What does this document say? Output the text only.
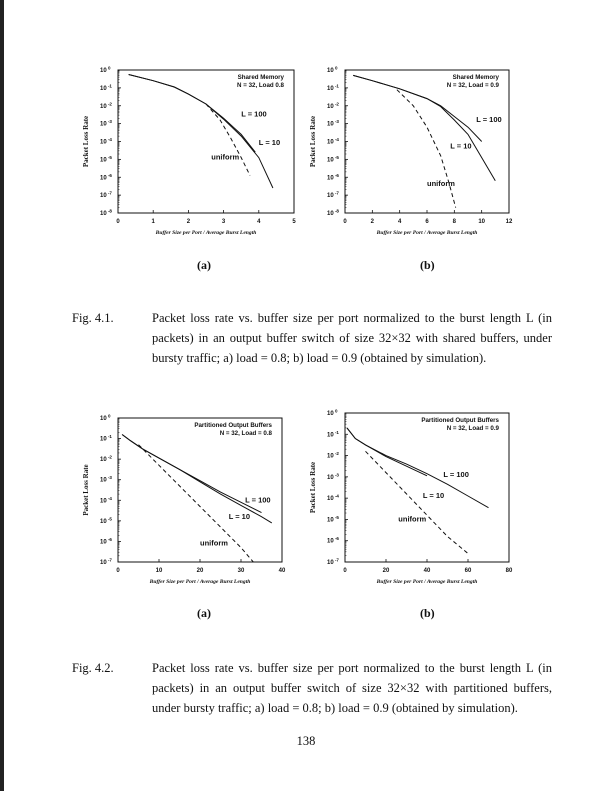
10 $^0$
10 $^{-1}$
10 $^{-2}$
10 $^{-3}$
10 $^{-4}$
10 $^{-5}$
10 $^{-6}$
10 $^{-7}$
10 $^{-8}$
0	1	2	3	4	5
Buffer Size per Port / Average Burst Length
Packet Loss Rate
Shared Memory
N = 32, Load 0.8
L = 100
L = 10
uniform
10 $^0$
10 $^{-1}$
10 $^{-2}$
10 $^{-3}$
10 $^{-4}$
10 $^{-5}$
10 $^{-6}$
10 $^{-7}$
10 $^{-8}$
0	2	4	6	8	10	12
Buffer Size per Port / Average Burst Length
Packet Loss Rate
Shared Memory
N = 32, Load = 0.9
L = 100
L = 10
uniform
10 $^0$
10 $^{-1}$
10 $^{-2}$
10 $^{-3}$
10 $^{-4}$
10 $^{-5}$
10 $^{-6}$
10 $^{-7}$
0	10	20	30	40
Buffer Size per Port / Average Burst Length
Packet Loss Rate
Partitioned Output Buffers
N = 32, Load = 0.8
L = 100
L = 10
uniform
10 $^0$
10 $^{-1}$
10 $^{-2}$
10 $^{-3}$
10 $^{-4}$
10 $^{-5}$
10 $^{-6}$
10 $^{-7}$
0	20	40	60	80
Buffer Size per Port / Average Burst Length
Packet Loss Rate
Partitioned Output Buffers
N = 32, Load = 0.9
L = 100
L = 10
uniform
(a)	(b)
Fig. 4.1.	Packet loss rate vs. buffer size per port normalized to the burst length L (in packets) in an output buffer switch of size 32×32 with shared buffers, under bursty traffic; a) load = 0.8; b) load = 0.9 (obtained by simulation).
(a)	(b)
Fig. 4.2.	Packet loss rate vs. buffer size per port normalized to the burst length L (in packets) in an output buffer switch of size 32×32 with partitioned buffers, under bursty traffic; a) load = 0.8; b) load = 0.9 (obtained by simulation).
138
